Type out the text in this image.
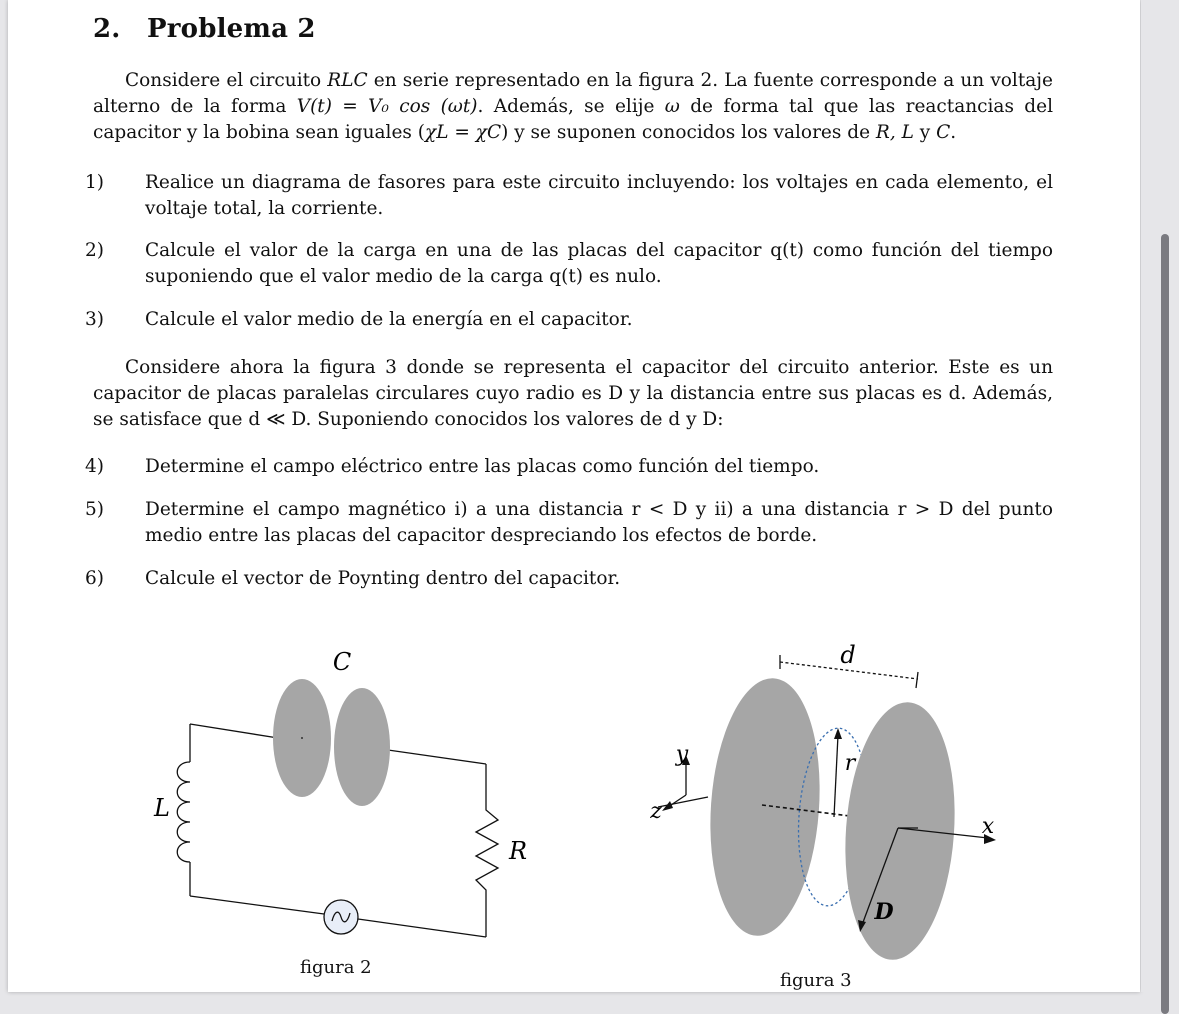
2. Problema 2
Considere el circuito RLC en serie representado en la figura 2. La fuente corresponde a un voltaje alterno de la forma V(t) = V₀ cos (ωt). Además, se elije ω de forma tal que las reactancias del capacitor y la bobina sean iguales (χL = χC) y se suponen conocidos los valores de R, L y C.
1) Realice un diagrama de fasores para este circuito incluyendo: los voltajes en cada elemento, el voltaje total, la corriente.
2) Calcule el valor de la carga en una de las placas del capacitor q(t) como función del tiempo suponiendo que el valor medio de la carga q(t) es nulo.
3) Calcule el valor medio de la energía en el capacitor.
Considere ahora la figura 3 donde se representa el capacitor del circuito anterior. Este es un capacitor de placas paralelas circulares cuyo radio es D y la distancia entre sus placas es d. Además, se satisface que d ≪ D. Suponiendo conocidos los valores de d y D:
4) Determine el campo eléctrico entre las placas como función del tiempo.
5) Determine el campo magnético i) a una distancia r < D y ii) a una distancia r > D del punto medio entre las placas del capacitor despreciando los efectos de borde.
6) Calcule el vector de Poynting dentro del capacitor.
C
L
R
figura 2
d
y
z
r
x
D
figura 3
